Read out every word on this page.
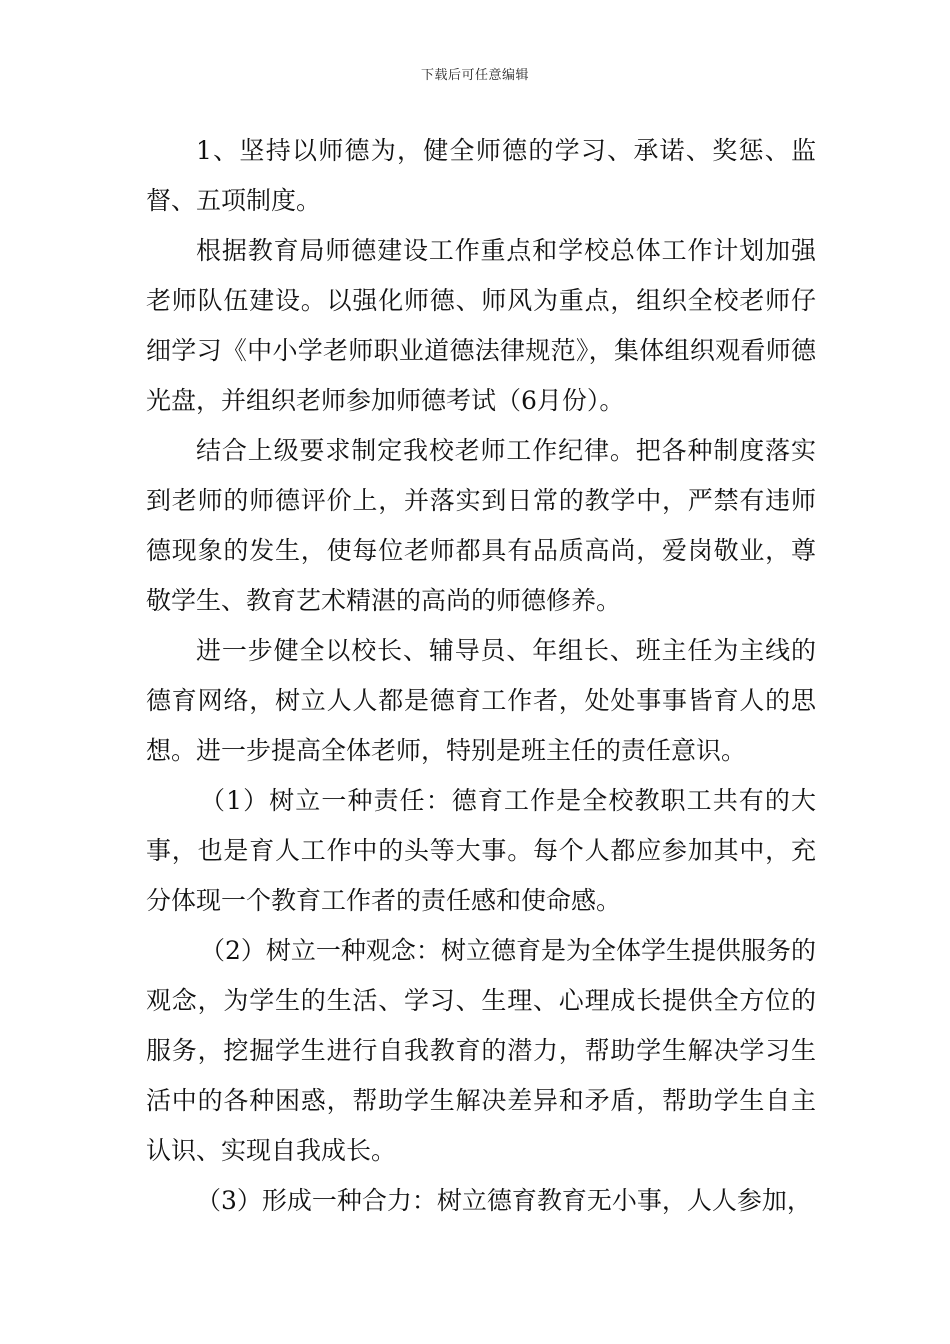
下载后可任意编辑

1、坚持以师德为，健全师德的学习、承诺、奖惩、监督、五项制度。

根据教育局师德建设工作重点和学校总体工作计划加强老师队伍建设。以强化师德、师风为重点，组织全校老师仔细学习《中小学老师职业道德法律规范》，集体组织观看师德光盘，并组织老师参加师德考试（6月份）。

结合上级要求制定我校老师工作纪律。把各种制度落实到老师的师德评价上，并落实到日常的教学中，严禁有违师德现象的发生，使每位老师都具有品质高尚，爱岗敬业，尊敬学生、教育艺术精湛的高尚的师德修养。

进一步健全以校长、辅导员、年组长、班主任为主线的德育网络，树立人人都是德育工作者，处处事事皆育人的思想。进一步提高全体老师，特别是班主任的责任意识。

（1）树立一种责任：德育工作是全校教职工共有的大事，也是育人工作中的头等大事。每个人都应参加其中，充分体现一个教育工作者的责任感和使命感。

（2）树立一种观念：树立德育是为全体学生提供服务的观念，为学生的生活、学习、生理、心理成长提供全方位的服务，挖掘学生进行自我教育的潜力，帮助学生解决学习生活中的各种困惑，帮助学生解决差异和矛盾，帮助学生自主认识、实现自我成长。

（3）形成一种合力：树立德育教育无小事，人人参加，
